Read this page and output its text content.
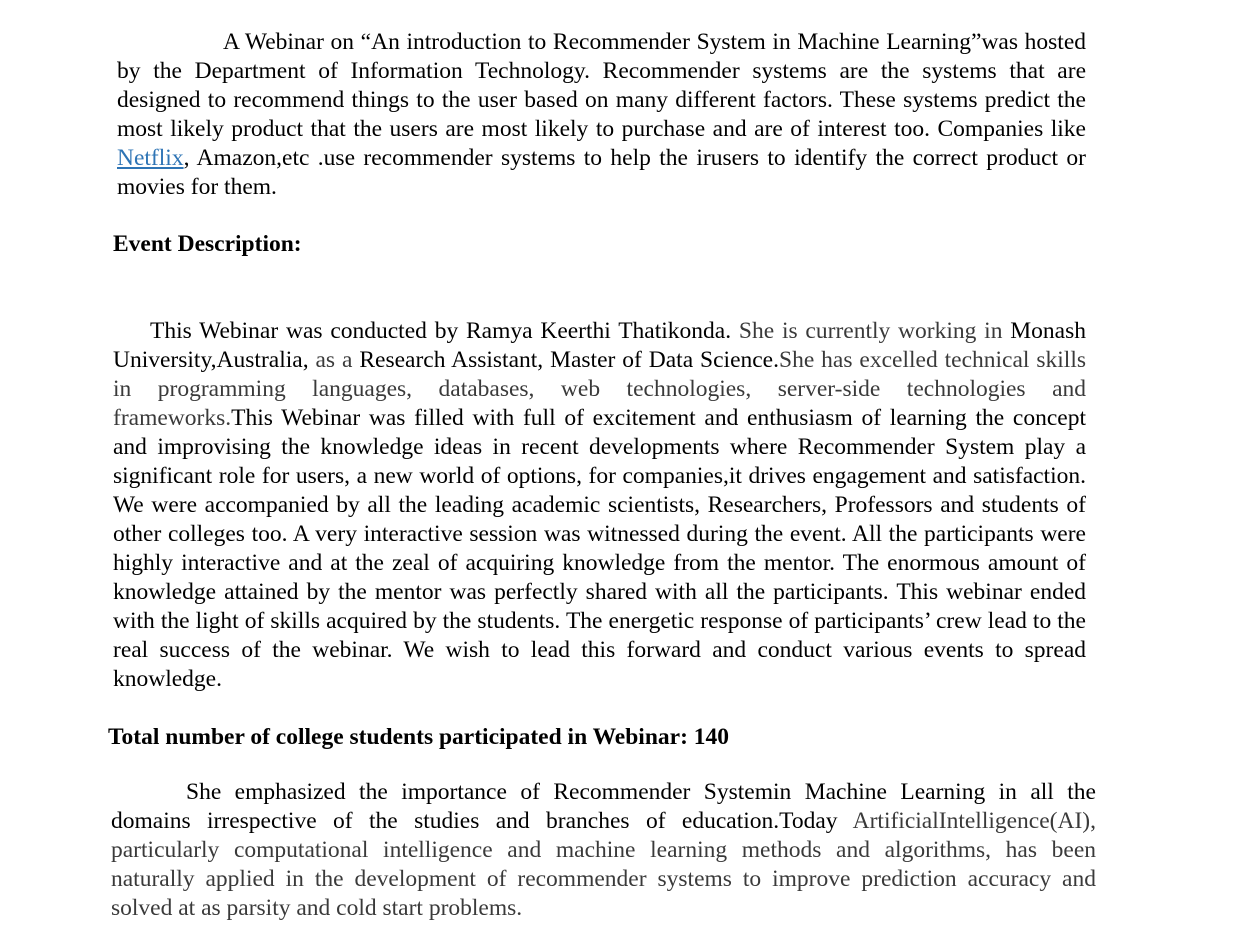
A Webinar on “An introduction to Recommender System in Machine Learning”was hosted by the Department of Information Technology. Recommender systems are the systems that are designed to recommend things to the user based on many different factors. These systems predict the most likely product that the users are most likely to purchase and are of interest too. Companies like Netflix, Amazon,etc .use recommender systems to help the irusers to identify the correct product or movies for them.

Event Description:

This Webinar was conducted by Ramya Keerthi Thatikonda. She is currently working in Monash University,Australia, as a Research Assistant, Master of Data Science.She has excelled technical skills in programming languages, databases, web technologies, server-side technologies and frameworks.This Webinar was filled with full of excitement and enthusiasm of learning the concept and improvising the knowledge ideas in recent developments where Recommender System play a significant role for users, a new world of options, for companies,it drives engagement and satisfaction. We were accompanied by all the leading academic scientists, Researchers, Professors and students of other colleges too. A very interactive session was witnessed during the event. All the participants were highly interactive and at the zeal of acquiring knowledge from the mentor. The enormous amount of knowledge attained by the mentor was perfectly shared with all the participants. This webinar ended with the light of skills acquired by the students. The energetic response of participants’ crew lead to the real success of the webinar. We wish to lead this forward and conduct various events to spread knowledge.

Total number of college students participated in Webinar: 140

She emphasized the importance of Recommender Systemin Machine Learning in all the domains irrespective of the studies and branches of education.Today ArtificialIntelligence(AI), particularly computational intelligence and machine learning methods and algorithms, has been naturally applied in the development of recommender systems to improve prediction accuracy and solved at as parsity and cold start problems.
